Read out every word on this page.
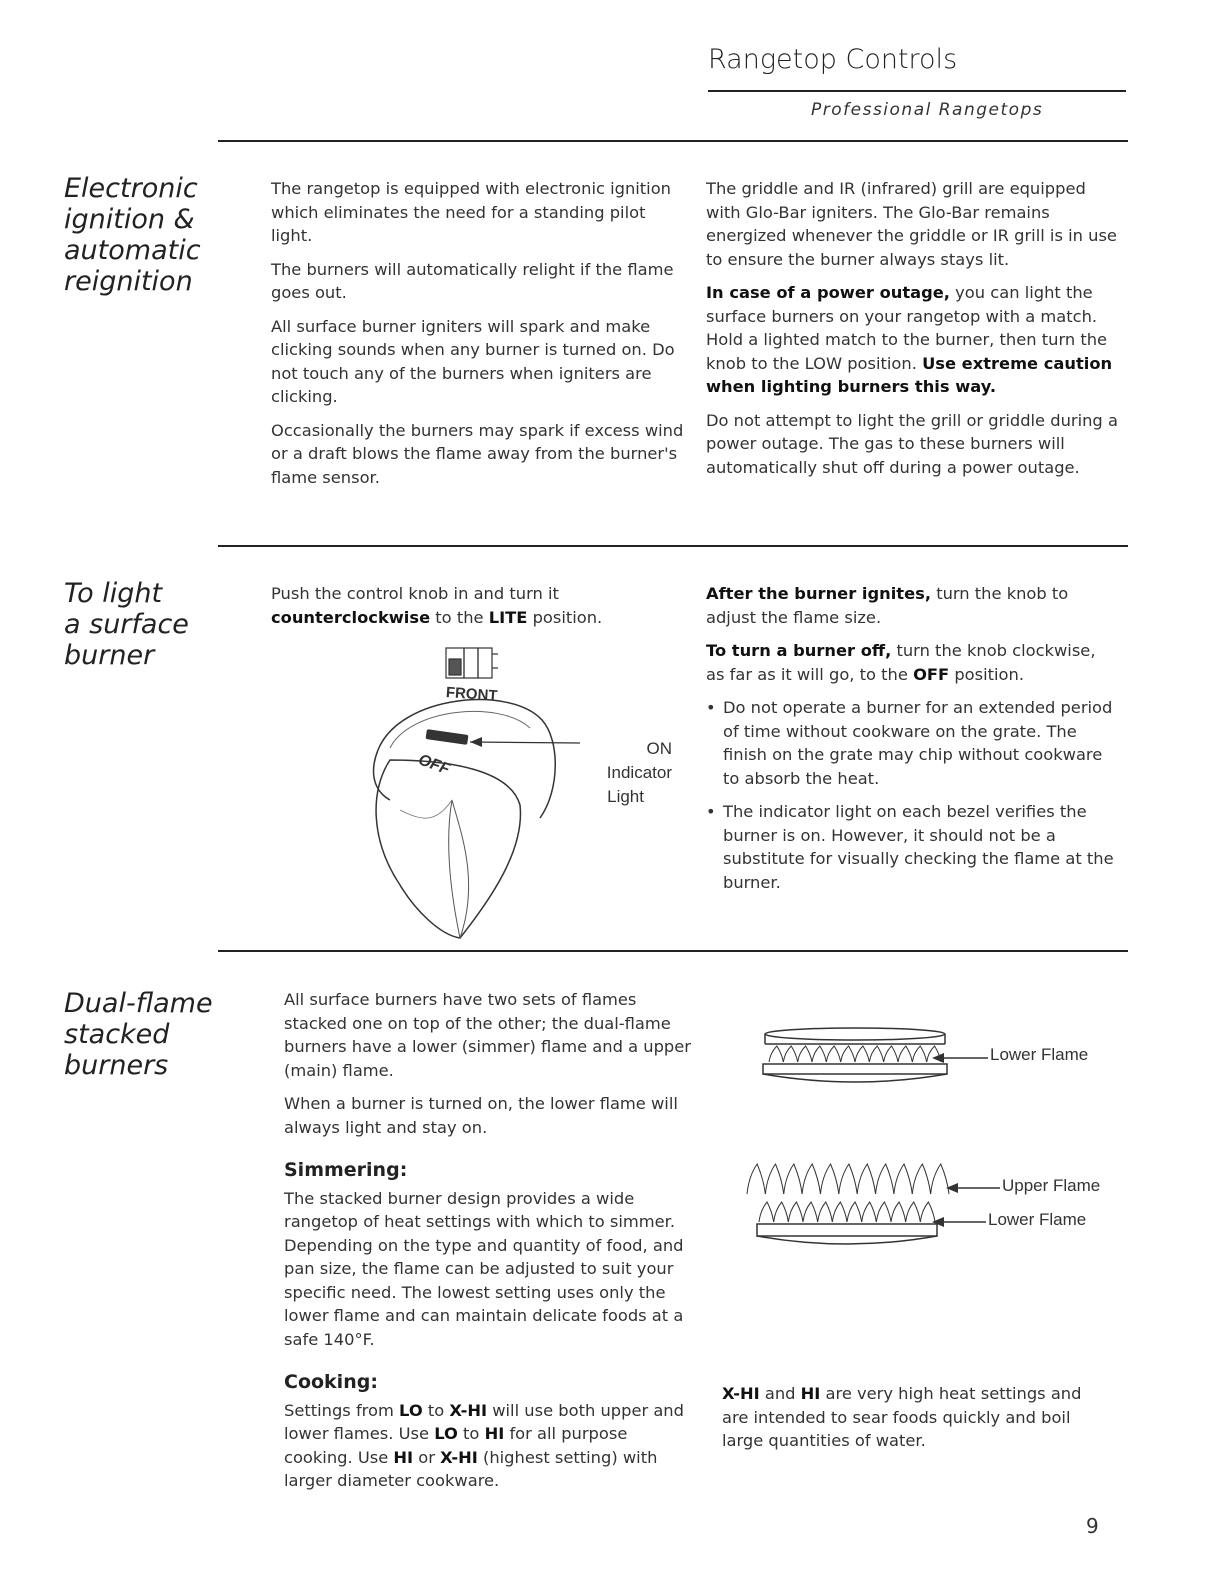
Rangetop Controls
Professional Rangetops
Electronic
ignition &
automatic
reignition

The rangetop is equipped with electronic ignition which eliminates the need for a standing pilot light.

The burners will automatically relight if the flame goes out.

All surface burner igniters will spark and make clicking sounds when any burner is turned on. Do not touch any of the burners when igniters are clicking.

Occasionally the burners may spark if excess wind or a draft blows the flame away from the burner's flame sensor.

The griddle and IR (infrared) grill are equipped with Glo-Bar igniters. The Glo-Bar remains energized whenever the griddle or IR grill is in use to ensure the burner always stays lit.

In case of a power outage, you can light the surface burners on your rangetop with a match. Hold a lighted match to the burner, then turn the knob to the LOW position. Use extreme caution when lighting burners this way.

Do not attempt to light the grill or griddle during a power outage. The gas to these burners will automatically shut off during a power outage.

To light
a surface
burner

Push the control knob in and turn it counterclockwise to the LITE position.

FRONT
OFF
ON Indicator
Light

After the burner ignites, turn the knob to adjust the flame size.

To turn a burner off, turn the knob clockwise, as far as it will go, to the OFF position.

• Do not operate a burner for an extended period of time without cookware on the grate. The finish on the grate may chip without cookware to absorb the heat.
• The indicator light on each bezel verifies the burner is on. However, it should not be a substitute for visually checking the flame at the burner.
Dual-flame
stacked
burners

All surface burners have two sets of flames stacked one on top of the other; the dual-flame burners have a lower (simmer) flame and a upper (main) flame.

When a burner is turned on, the lower flame will always light and stay on.

Simmering:

The stacked burner design provides a wide rangetop of heat settings with which to simmer. Depending on the type and quantity of food, and pan size, the flame can be adjusted to suit your specific need. The lowest setting uses only the lower flame and can maintain delicate foods at a safe 140°F.

Cooking:

Settings from LO to X-HI will use both upper and lower flames. Use LO to HI for all purpose cooking. Use HI or X-HI (highest setting) with larger diameter cookware.

Lower Flame
Upper Flame
Lower Flame

X-HI and HI are very high heat settings and are intended to sear foods quickly and boil large quantities of water.

9
